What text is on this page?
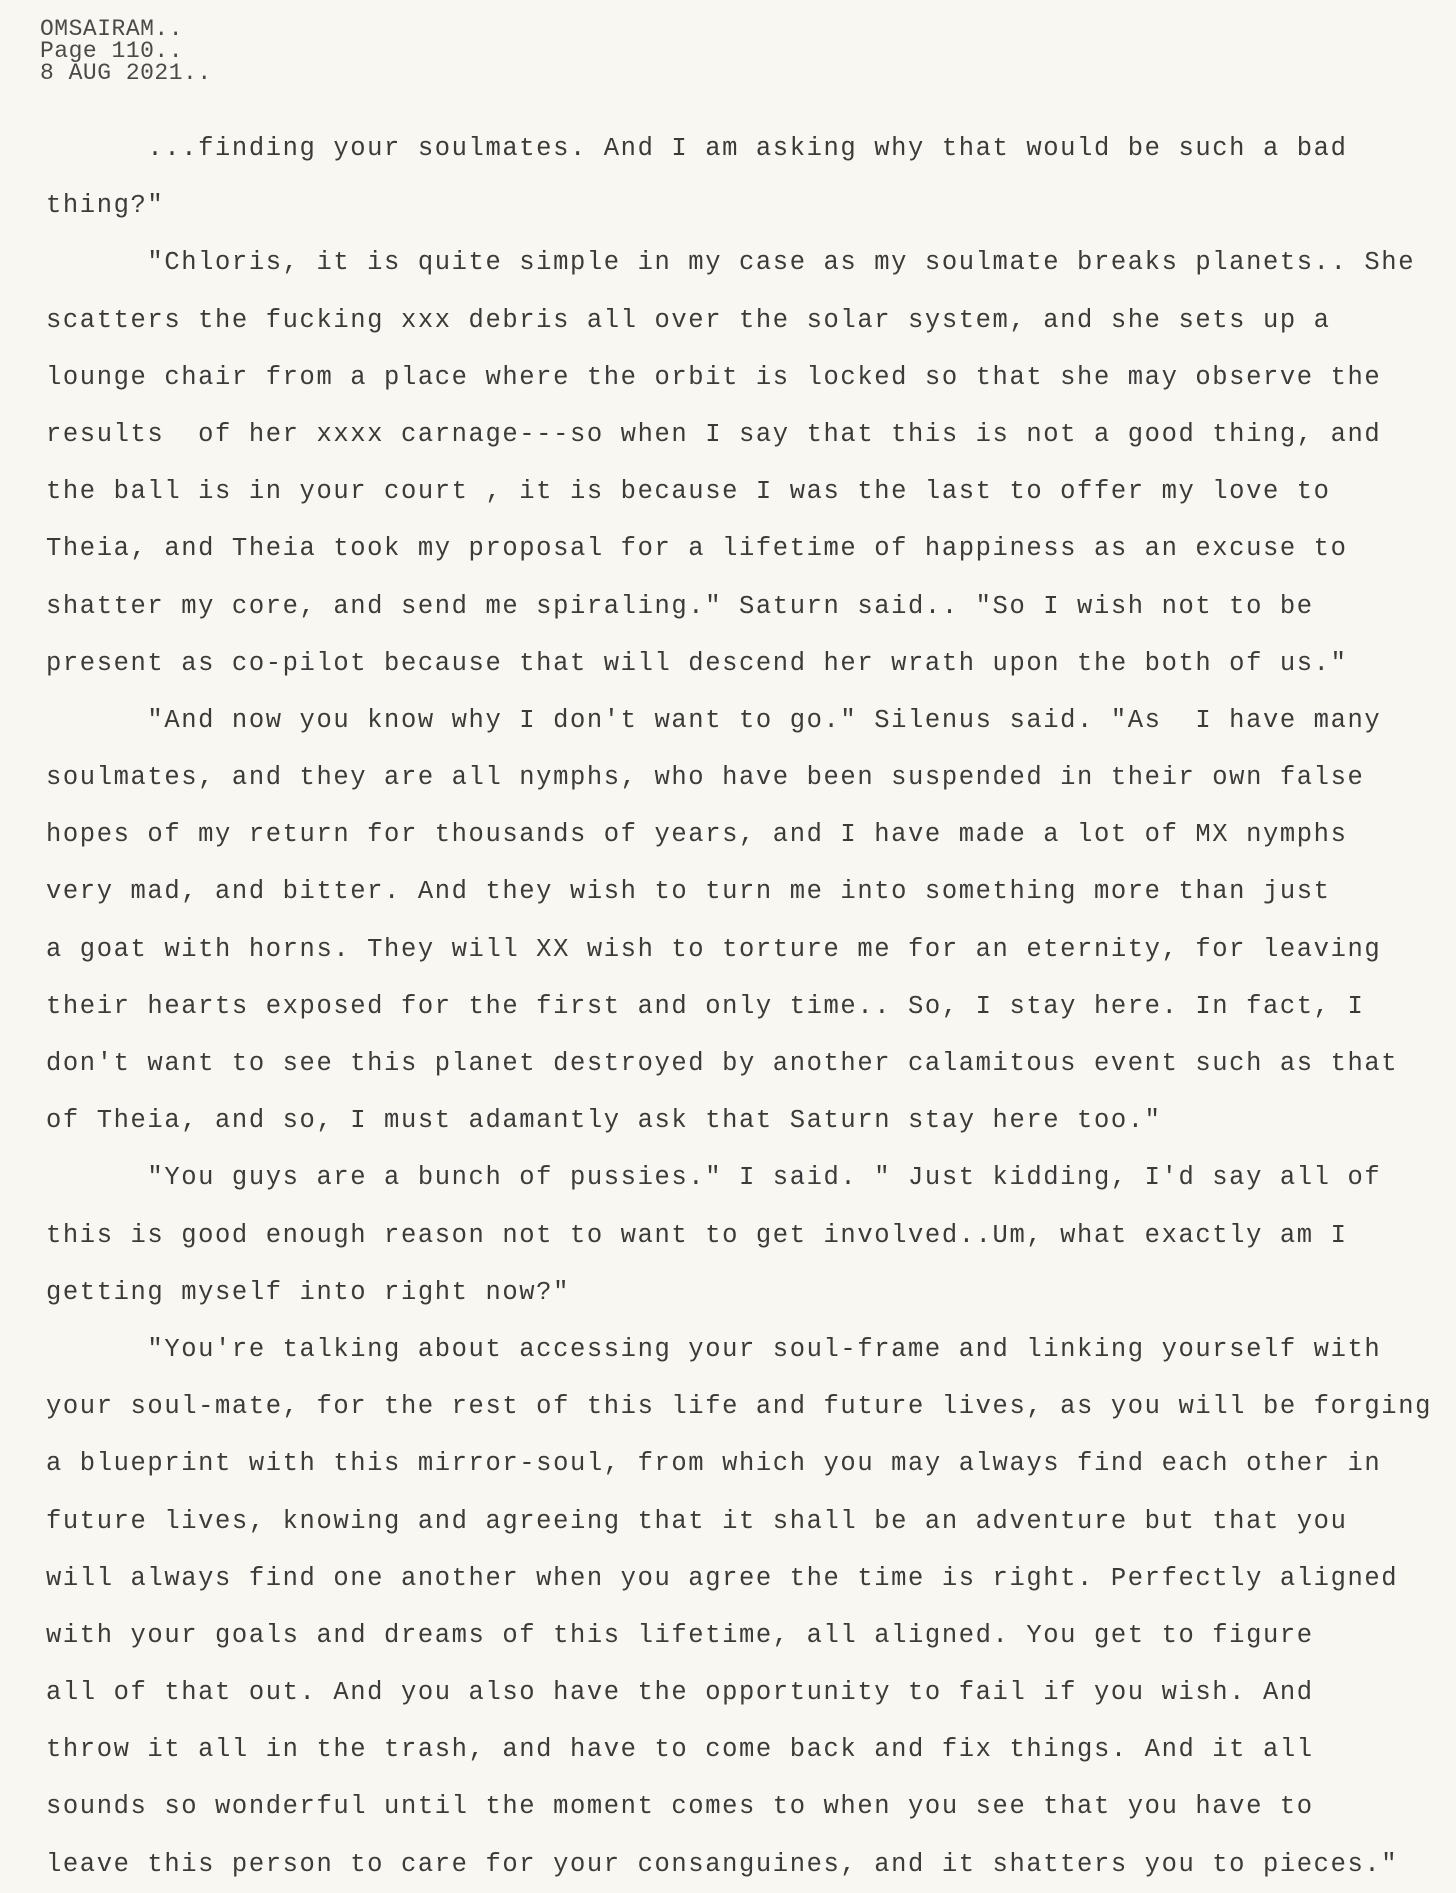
OMSAIRAM..
Page 110..
8 AUG 2021..
...finding your soulmates. And I am asking why that would be such a bad
thing?"
"Chloris, it is quite simple in my case as my soulmate breaks planets.. She
scatters the fucking xxx debris all over the solar system, and she sets up a
lounge chair from a place where the orbit is locked so that she may observe the
results  of her xxxx carnage---so when I say that this is not a good thing, and
the ball is in your court , it is because I was the last to offer my love to
Theia, and Theia took my proposal for a lifetime of happiness as an excuse to
shatter my core, and send me spiraling." Saturn said.. "So I wish not to be
present as co-pilot because that will descend her wrath upon the both of us."
"And now you know why I don't want to go." Silenus said. "As  I have many
soulmates, and they are all nymphs, who have been suspended in their own false
hopes of my return for thousands of years, and I have made a lot of MX nymphs
very mad, and bitter. And they wish to turn me into something more than just
a goat with horns. They will XX wish to torture me for an eternity, for leaving
their hearts exposed for the first and only time.. So, I stay here. In fact, I
don't want to see this planet destroyed by another calamitous event such as that
of Theia, and so, I must adamantly ask that Saturn stay here too."
"You guys are a bunch of pussies." I said. " Just kidding, I'd say all of
this is good enough reason not to want to get involved..Um, what exactly am I
getting myself into right now?"
"You're talking about accessing your soul-frame and linking yourself with
your soul-mate, for the rest of this life and future lives, as you will be forging
a blueprint with this mirror-soul, from which you may always find each other in
future lives, knowing and agreeing that it shall be an adventure but that you
will always find one another when you agree the time is right. Perfectly aligned
with your goals and dreams of this lifetime, all aligned. You get to figure
all of that out. And you also have the opportunity to fail if you wish. And
throw it all in the trash, and have to come back and fix things. And it all
sounds so wonderful until the moment comes to when you see that you have to
leave this person to care for your consanguines, and it shatters you to pieces."
